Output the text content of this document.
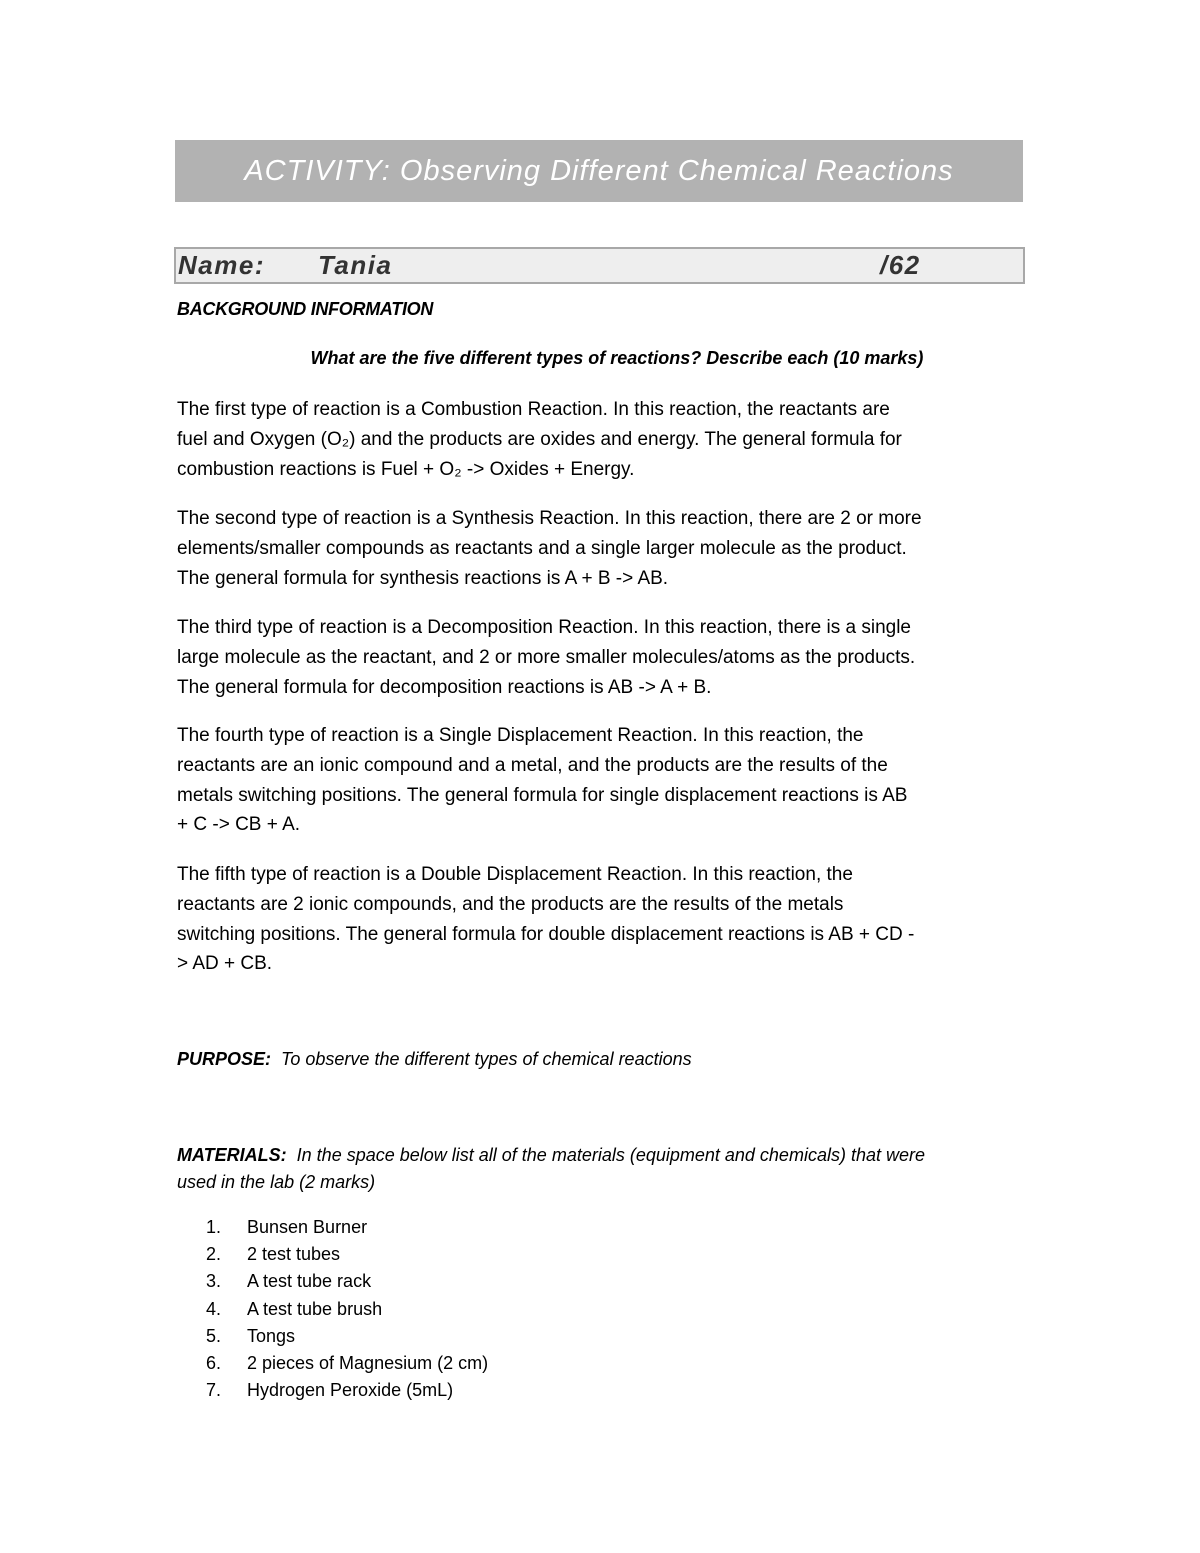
ACTIVITY: Observing Different Chemical Reactions
Name: Tania	/62
BACKGROUND INFORMATION
What are the five different types of reactions? Describe each (10 marks)

The first type of reaction is a Combustion Reaction. In this reaction, the reactants are
fuel and Oxygen (O₂) and the products are oxides and energy. The general formula for
combustion reactions is Fuel + O₂ -> Oxides + Energy.

The second type of reaction is a Synthesis Reaction. In this reaction, there are 2 or more
elements/smaller compounds as reactants and a single larger molecule as the product.
The general formula for synthesis reactions is A + B -> AB.

The third type of reaction is a Decomposition Reaction. In this reaction, there is a single
large molecule as the reactant, and 2 or more smaller molecules/atoms as the products.
The general formula for decomposition reactions is AB -> A + B.

The fourth type of reaction is a Single Displacement Reaction. In this reaction, the
reactants are an ionic compound and a metal, and the products are the results of the
metals switching positions. The general formula for single displacement reactions is AB
+ C -> CB + A.

The fifth type of reaction is a Double Displacement Reaction. In this reaction, the
reactants are 2 ionic compounds, and the products are the results of the metals
switching positions. The general formula for double displacement reactions is AB + CD -
> AD + CB.

PURPOSE: To observe the different types of chemical reactions
MATERIALS: In the space below list all of the materials (equipment and chemicals) that were
used in the lab (2 marks)
1.	Bunsen Burner
2.	2 test tubes
3.	A test tube rack
4.	A test tube brush
5.	Tongs
6.	2 pieces of Magnesium (2 cm)
7.	Hydrogen Peroxide (5mL)
